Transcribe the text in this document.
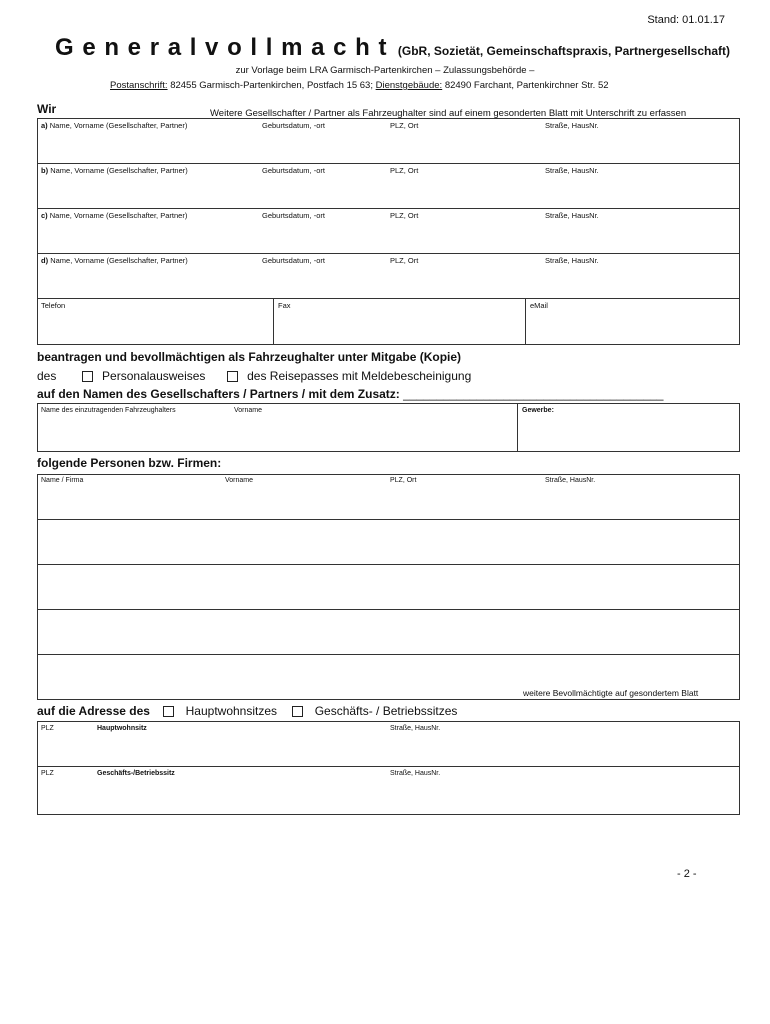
Stand: 01.01.17
G e n e r a l v o l l m a c h t (GbR, Sozietät, Gemeinschaftspraxis, Partnergesellschaft)
zur Vorlage beim LRA Garmisch-Partenkirchen – Zulassungsbehörde –
Postanschrift: 82455 Garmisch-Partenkirchen, Postfach 15 63; Dienstgebäude: 82490 Farchant, Partenkirchner Str. 52
Wir	Weitere Gesellschafter / Partner als Fahrzeughalter sind auf einem gesonderten Blatt mit Unterschrift zu erfassen
a) Name, Vorname (Gesellschafter, Partner)	Geburtsdatum, -ort	PLZ, Ort	Straße, HausNr.
b) Name, Vorname (Gesellschafter, Partner)	Geburtsdatum, -ort	PLZ, Ort	Straße, HausNr.
c) Name, Vorname (Gesellschafter, Partner)	Geburtsdatum, -ort	PLZ, Ort	Straße, HausNr.
d) Name, Vorname (Gesellschafter, Partner)	Geburtsdatum, -ort	PLZ, Ort	Straße, HausNr.
Telefon	Fax	eMail
beantragen und bevollmächtigen als Fahrzeughalter unter Mitgabe (Kopie)
des	Personalausweises	des Reisepasses mit Meldebescheinigung
auf den Namen des Gesellschafters / Partners / mit dem Zusatz: _______________________________________
Name des einzutragenden Fahrzeughalters	Vorname	Gewerbe:
folgende Personen bzw. Firmen:
Name / Firma	Vorname	PLZ, Ort	Straße, HausNr.
weitere Bevollmächtigte auf gesondertem Blatt
auf die Adresse des	Hauptwohnsitzes	Geschäfts- / Betriebssitzes
PLZ	Hauptwohnsitz	Straße, HausNr.
PLZ	Geschäfts-/Betriebssitz	Straße, HausNr.
- 2 -
